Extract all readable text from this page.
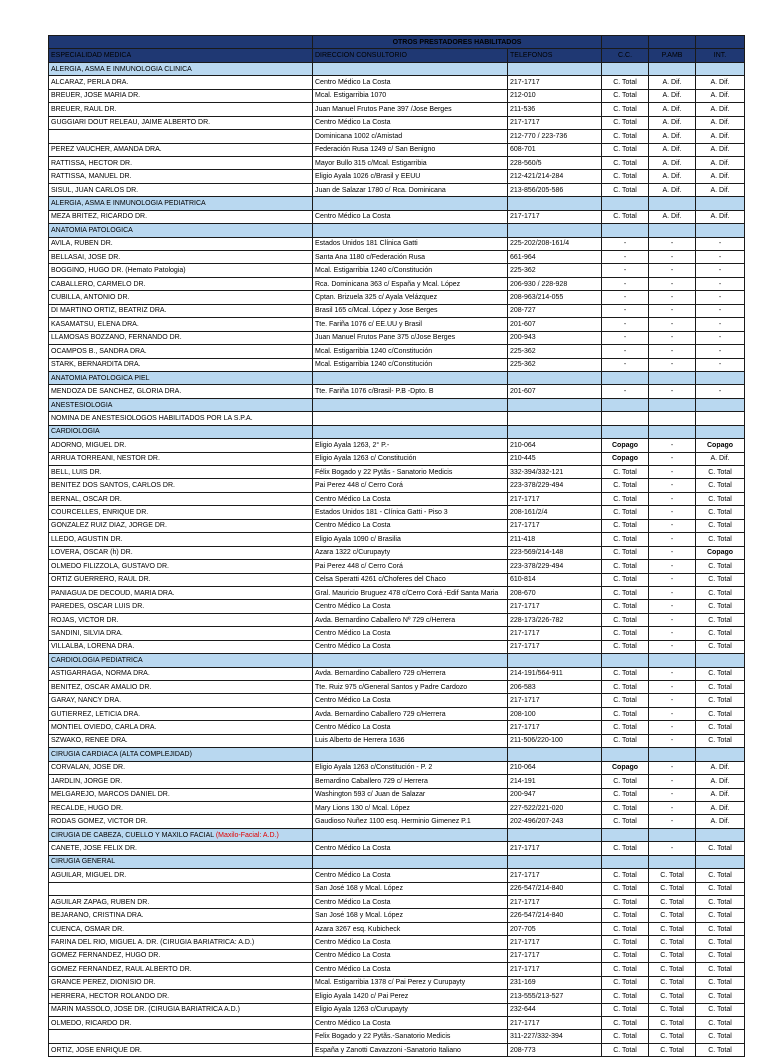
	OTROS PRESTADORES HABILITADOS				
ESPECIALIDAD MEDICA	DIRECCION CONSULTORIO	TELEFONOS	C.C.	P.AMB	INT.
ALERGIA, ASMA E INMUNOLOGIA CLINICA					
ALCARAZ, PERLA DRA.	Centro Médico La Costa	217-1717	C. Total	A. Dif.	A. Dif.
BREUER, JOSE MARIA DR.	Mcal. Estigarribia 1070	212-010	C. Total	A. Dif.	A. Dif.
BREUER, RAUL DR.	Juan Manuel Frutos Pane 397 /Jose Berges	211-536	C. Total	A. Dif.	A. Dif.
GUGGIARI DOUT RELEAU, JAIME ALBERTO DR.	Centro Médico La Costa	217-1717	C. Total	A. Dif.	A. Dif.
	Dominicana 1002 c/Amistad	212-770 / 223-736	C. Total	A. Dif.	A. Dif.
PEREZ VAUCHER, AMANDA DRA.	Federación Rusa 1249 c/ San Benigno	608-701	C. Total	A. Dif.	A. Dif.
RATTISSA, HECTOR DR.	Mayor Bullo 315 c/Mcal. Estigarribia	228-560/5	C. Total	A. Dif.	A. Dif.
RATTISSA, MANUEL DR.	Eligio Ayala 1026 c/Brasil y EEUU	212-421/214-284	C. Total	A. Dif.	A. Dif.
SISUL, JUAN CARLOS DR.	Juan de Salazar 1780 c/ Rca. Dominicana	213-856/205-586	C. Total	A. Dif.	A. Dif.
ALERGIA, ASMA E INMUNOLOGIA PEDIATRICA					
MEZA BRITEZ, RICARDO DR.	Centro Médico La Costa	217-1717	C. Total	A. Dif.	A. Dif.
ANATOMIA PATOLOGICA					
AVILA, RUBEN DR.	Estados Unidos 181 Clínica Gatti	225-202/208-161/4	-	-	-
BELLASAI, JOSE DR.	Santa Ana 1180 c/Federación Rusa	661-964	-	-	-
BOGGINO, HUGO DR. (Hemato Patologia)	Mcal. Estigarribia 1240 c/Constitución	225-362	-	-	-
CABALLERO, CARMELO DR.	Rca. Dominicana 363 c/ España y Mcal. López	206-930 / 228-928	-	-	-
CUBILLA, ANTONIO DR.	Cptan. Brizuela 325 c/ Ayala Velázquez	208-963/214-055	-	-	-
DI MARTINO ORTIZ, BEATRIZ DRA.	Brasil 165 c/Mcal. López y Jose Berges	208-727	-	-	-
KASAMATSU, ELENA DRA.	Tte. Fariña 1076 c/ EE.UU y Brasil	201-607	-	-	-
LLAMOSAS BOZZANO, FERNANDO DR.	Juan Manuel Frutos Pane 375 c/Jose Berges	200-943	-	-	-
OCAMPOS B., SANDRA DRA.	Mcal. Estigarribia 1240 c/Constitución	225-362	-	-	-
STARK, BERNARDITA DRA.	Mcal. Estigarribia 1240 c/Constitución	225-362	-	-	-
ANATOMIA PATOLOGICA PIEL					
MENDOZA DE SANCHEZ, GLORIA DRA.	Tte. Fariña 1076 c/Brasil- P.B -Dpto. B	201-607	-	-	-
ANESTESIOLOGIA					
NOMINA DE ANESTESIOLOGOS HABILITADOS POR LA S.P.A.					
CARDIOLOGIA					
ADORNO, MIGUEL DR.	Eligio Ayala 1263, 2° P.-	210-064	Copago	-	Copago
ARRUA TORREANI, NESTOR DR.	Eligio Ayala 1263 c/ Constitución	210-445	Copago	-	A. Dif.
BELL, LUIS DR.	Félix Bogado y 22 Pytãs - Sanatorio Medicis	332-394/332-121	C. Total	-	C. Total
BENITEZ DOS SANTOS, CARLOS DR.	Pai Perez 448 c/ Cerro Corá	223-378/229-494	C. Total	-	C. Total
BERNAL, OSCAR DR.	Centro Médico La Costa	217-1717	C. Total	-	C. Total
COURCELLES, ENRIQUE DR.	Estados Unidos 181 - Clínica Gatti - Piso 3	208-161/2/4	C. Total	-	C. Total
GONZALEZ RUIZ DIAZ, JORGE DR.	Centro Médico La Costa	217-1717	C. Total	-	C. Total
LLEDO, AGUSTIN DR.	Eligio Ayala 1090 c/ Brasilia	211-418	C. Total	-	C. Total
LOVERA, OSCAR (h) DR.	Azara 1322 c/Curupayty	223-569/214-148	C. Total	-	Copago
OLMEDO FILIZZOLA, GUSTAVO DR.	Pai Perez 448 c/ Cerro Corá	223-378/229-494	C. Total	-	C. Total
ORTIZ GUERRERO, RAUL DR.	Celsa Speratti 4261 c/Choferes del Chaco	610-814	C. Total	-	C. Total
PANIAGUA DE DECOUD, MARIA DRA.	Gral. Mauricio Bruguez 478 c/Cerro Corá -Edif Santa Maria	208-670	C. Total	-	C. Total
PAREDES, OSCAR LUIS DR.	Centro Médico La Costa	217-1717	C. Total	-	C. Total
ROJAS, VICTOR DR.	Avda. Bernardino Caballero Nº 729 c/Herrera	228-173/226-782	C. Total	-	C. Total
SANDINI, SILVIA DRA.	Centro Médico La Costa	217-1717	C. Total	-	C. Total
VILLALBA, LORENA DRA.	Centro Médico La Costa	217-1717	C. Total	-	C. Total
CARDIOLOGIA PEDIATRICA					
ASTIGARRAGA, NORMA DRA.	Avda. Bernardino Caballero 729 c/Herrera	214-191/564-911	C. Total	-	C. Total
BENITEZ, OSCAR AMALIO DR.	Tte. Ruiz 975 c/General Santos y Padre Cardozo	206-583	C. Total	-	C. Total
GARAY, NANCY DRA.	Centro Médico La Costa	217-1717	C. Total	-	C. Total
GUTIERREZ, LETICIA DRA.	Avda. Bernardino Caballero 729 c/Herrera	208-100	C. Total	-	C. Total
MONTIEL OVIEDO, CARLA DRA.	Centro Médico La Costa	217-1717	C. Total	-	C. Total
SZWAKO, RENEE DRA.	Luis Alberto de Herrera 1636	211-506/220-100	C. Total	-	C. Total
CIRUGIA CARDIACA (ALTA COMPLEJIDAD)					
CORVALAN, JOSE DR.	Eligio Ayala 1263 c/Constitución - P. 2	210-064	Copago	-	A. Dif.
JARDLIN, JORGE DR.	Bernardino Caballero 729 c/ Herrera	214-191	C. Total	-	A. Dif.
MELGAREJO, MARCOS DANIEL DR.	Washington 593 c/ Juan de Salazar	200-947	C. Total	-	A. Dif.
RECALDE, HUGO DR.	Mary Lions 130 c/ Mcal. López	227-522/221-020	C. Total	-	A. Dif.
RODAS GOMEZ, VICTOR DR.	Gaudioso Nuñez 1100 esq. Herminio Gimenez P.1	202-496/207-243	C. Total	-	A. Dif.
CIRUGIA DE CABEZA, CUELLO Y MAXILO FACIAL (Maxilo-Facial: A.D.)					
CANETE, JOSE FELIX DR.	Centro Médico La Costa	217-1717	C. Total	-	C. Total
CIRUGIA GENERAL					
AGUILAR, MIGUEL DR.	Centro Médico La Costa	217-1717	C. Total	C. Total	C. Total
	San José 168 y Mcal. López	226-547/214-840	C. Total	C. Total	C. Total
AGUILAR ZAPAG, RUBEN DR.	Centro Médico La Costa	217-1717	C. Total	C. Total	C. Total
BEJARANO, CRISTINA DRA.	San José 168 y Mcal. López	226-547/214-840	C. Total	C. Total	C. Total
CUENCA, OSMAR DR.	Azara 3267 esq. Kubicheck	207-705	C. Total	C. Total	C. Total
FARINA DEL RIO, MIGUEL A. DR. (CIRUGIA BARIATRICA: A.D.)	Centro Médico La Costa	217-1717	C. Total	C. Total	C. Total
GOMEZ FERNANDEZ, HUGO DR.	Centro Médico La Costa	217-1717	C. Total	C. Total	C. Total
GOMEZ FERNANDEZ, RAUL ALBERTO DR.	Centro Médico La Costa	217-1717	C. Total	C. Total	C. Total
GRANCE PEREZ, DIONISIO DR.	Mcal. Estigarribia 1378 c/ Pai Perez y Curupayty	231-169	C. Total	C. Total	C. Total
HERRERA, HECTOR ROLANDO DR.	Eligio Ayala 1420 c/ Pai Perez	213-555/213-527	C. Total	C. Total	C. Total
MARIN MASSOLO, JOSE DR. (CIRUGIA BARIATRICA A.D.)	Eligio Ayala 1263 c/Curupayty	232-644	C. Total	C. Total	C. Total
OLMEDO, RICARDO DR.	Centro Médico La Costa	217-1717	C. Total	C. Total	C. Total
	Felix Bogado y 22 Pytãs.-Sanatorio Medicis	311-227/332-394	C. Total	C. Total	C. Total
ORTIZ, JOSE ENRIQUE DR.	España y Zanotti Cavazzoni -Sanatorio Italiano	208-773	C. Total	C. Total	C. Total
